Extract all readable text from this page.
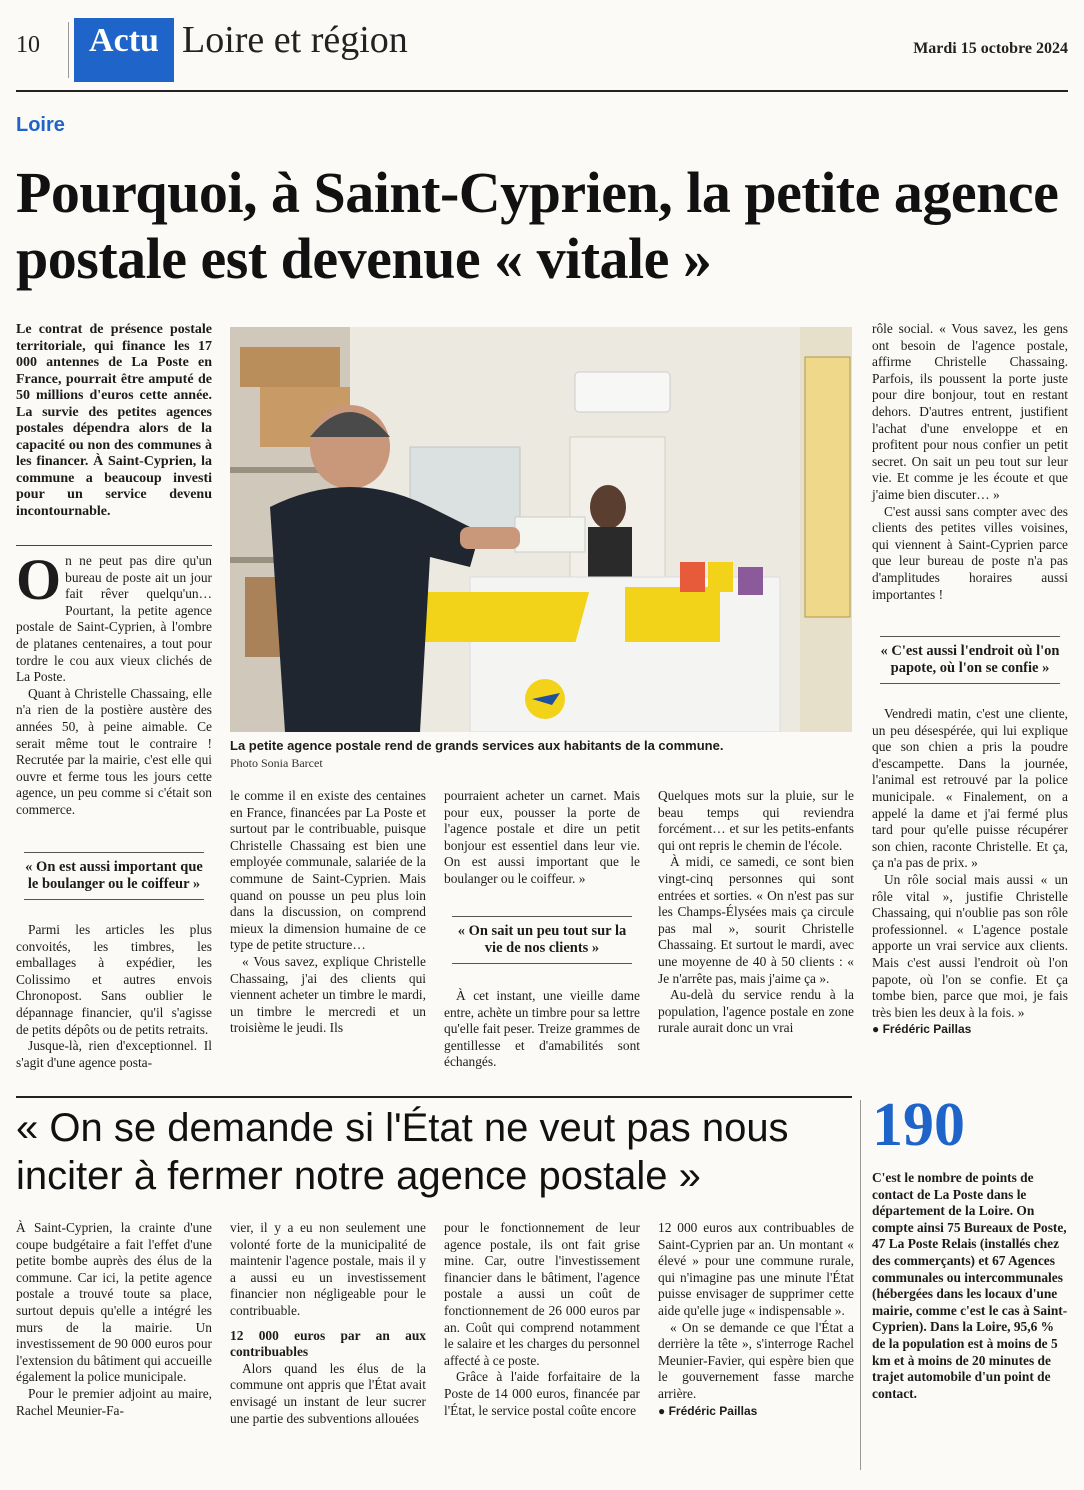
10	Actu Loire et région	Mardi 15 octobre 2024
Loire
Pourquoi, à Saint-Cyprien, la petite agence postale est devenue « vitale »
Le contrat de présence postale territoriale, qui finance les 17 000 antennes de La Poste en France, pourrait être amputé de 50 millions d'euros cette année. La survie des petites agences postales dépendra alors de la capacité ou non des communes à les financer. À Saint-Cyprien, la commune a beaucoup investi pour un service devenu incontournable.

On ne peut pas dire qu'un bureau de poste ait un jour fait rêver quelqu'un… Pourtant, la petite agence postale de Saint-Cyprien, à l'ombre de platanes centenaires, a tout pour tordre le cou aux vieux clichés de La Poste.

Quant à Christelle Chassaing, elle n'a rien de la postière austère des années 50, à peine aimable. Ce serait même tout le contraire ! Recrutée par la mairie, c'est elle qui ouvre et ferme tous les jours cette agence, un peu comme si c'était son commerce.

« On est aussi important que le boulanger ou le coiffeur »

Parmi les articles les plus convoités, les timbres, les emballages à expédier, les Colissimo et autres envois Chronopost. Sans oublier le dépannage financier, qu'il s'agisse de petits dépôts ou de petits retraits.

Jusque-là, rien d'exceptionnel. Il s'agit d'une agence posta-

La petite agence postale rend de grands services aux habitants de la commune.
Photo Sonia Barcet

le comme il en existe des centaines en France, financées par La Poste et surtout par le contribuable, puisque Christelle Chassaing est bien une employée communale, salariée de la commune de Saint-Cyprien. Mais quand on pousse un peu plus loin dans la discussion, on comprend mieux la dimension humaine de ce type de petite structure…

« Vous savez, explique Christelle Chassaing, j'ai des clients qui viennent acheter un timbre le mardi, un timbre le mercredi et un troisième le jeudi. Ils

pourraient acheter un carnet. Mais pour eux, pousser la porte de l'agence postale et dire un petit bonjour est essentiel dans leur vie. On est aussi important que le boulanger ou le coiffeur. »

« On sait un peu tout sur la vie de nos clients »

À cet instant, une vieille dame entre, achète un timbre pour sa lettre qu'elle fait peser. Treize grammes de gentillesse et d'amabilités sont échangés.

Quelques mots sur la pluie, sur le beau temps qui reviendra forcément… et sur les petits-enfants qui ont repris le chemin de l'école.

À midi, ce samedi, ce sont bien vingt-cinq personnes qui sont entrées et sorties. « On n'est pas sur les Champs-Élysées mais ça circule pas mal », sourit Christelle Chassaing. Et surtout le mardi, avec une moyenne de 40 à 50 clients : « Je n'arrête pas, mais j'aime ça ».

Au-delà du service rendu à la population, l'agence postale en zone rurale aurait donc un vrai

rôle social. « Vous savez, les gens ont besoin de l'agence postale, affirme Christelle Chassaing. Parfois, ils poussent la porte juste pour dire bonjour, tout en restant dehors. D'autres entrent, justifient l'achat d'une enveloppe et en profitent pour nous confier un petit secret. On sait un peu tout sur leur vie. Et comme je les écoute et que j'aime bien discuter… »

C'est aussi sans compter avec des clients des petites villes voisines, qui viennent à Saint-Cyprien parce que leur bureau de poste n'a pas d'amplitudes horaires aussi importantes !

« C'est aussi l'endroit où l'on papote, où l'on se confie »

Vendredi matin, c'est une cliente, un peu désespérée, qui lui explique que son chien a pris la poudre d'escampette. Dans la journée, l'animal est retrouvé par la police municipale. « Finalement, on a appelé la dame et j'ai fermé plus tard pour qu'elle puisse récupérer son chien, raconte Christelle. Et ça, ça n'a pas de prix. »

Un rôle social mais aussi « un rôle vital », justifie Christelle Chassaing, qui n'oublie pas son rôle professionnel. « L'agence postale apporte un vrai service aux clients. Mais c'est aussi l'endroit où l'on papote, où l'on se confie. Et ça tombe bien, parce que moi, je fais très bien les deux à la fois. »

● Frédéric Paillas

« On se demande si l'État ne veut pas nous inciter à fermer notre agence postale »

À Saint-Cyprien, la crainte d'une coupe budgétaire a fait l'effet d'une petite bombe auprès des élus de la commune. Car ici, la petite agence postale a trouvé toute sa place, surtout depuis qu'elle a intégré les murs de la mairie. Un investissement de 90 000 euros pour l'extension du bâtiment qui accueille également la police municipale.

Pour le premier adjoint au maire, Rachel Meunier-Fa-

vier, il y a eu non seulement une volonté forte de la municipalité de maintenir l'agence postale, mais il y a aussi eu un investissement financier non négligeable pour le contribuable.

12 000 euros par an aux contribuables

Alors quand les élus de la commune ont appris que l'État avait envisagé un instant de leur sucrer une partie des subventions allouées

pour le fonctionnement de leur agence postale, ils ont fait grise mine. Car, outre l'investissement financier dans le bâtiment, l'agence postale a aussi un coût de fonctionnement de 26 000 euros par an. Coût qui comprend notamment le salaire et les charges du personnel affecté à ce poste.

Grâce à l'aide forfaitaire de la Poste de 14 000 euros, financée par l'État, le service postal coûte encore

12 000 euros aux contribuables de Saint-Cyprien par an. Un montant « élevé » pour une commune rurale, qui n'imagine pas une minute l'État puisse envisager de supprimer cette aide qu'elle juge « indispensable ».

« On se demande ce que l'État a derrière la tête », s'interroge Rachel Meunier-Favier, qui espère bien que le gouvernement fasse marche arrière.

● Frédéric Paillas

190
C'est le nombre de points de contact de La Poste dans le département de la Loire. On compte ainsi 75 Bureaux de Poste, 47 La Poste Relais (installés chez des commerçants) et 67 Agences communales ou intercommunales (hébergées dans les locaux d'une mairie, comme c'est le cas à Saint-Cyprien). Dans la Loire, 95,6 % de la population est à moins de 5 km et à moins de 20 minutes de trajet automobile d'un point de contact.
